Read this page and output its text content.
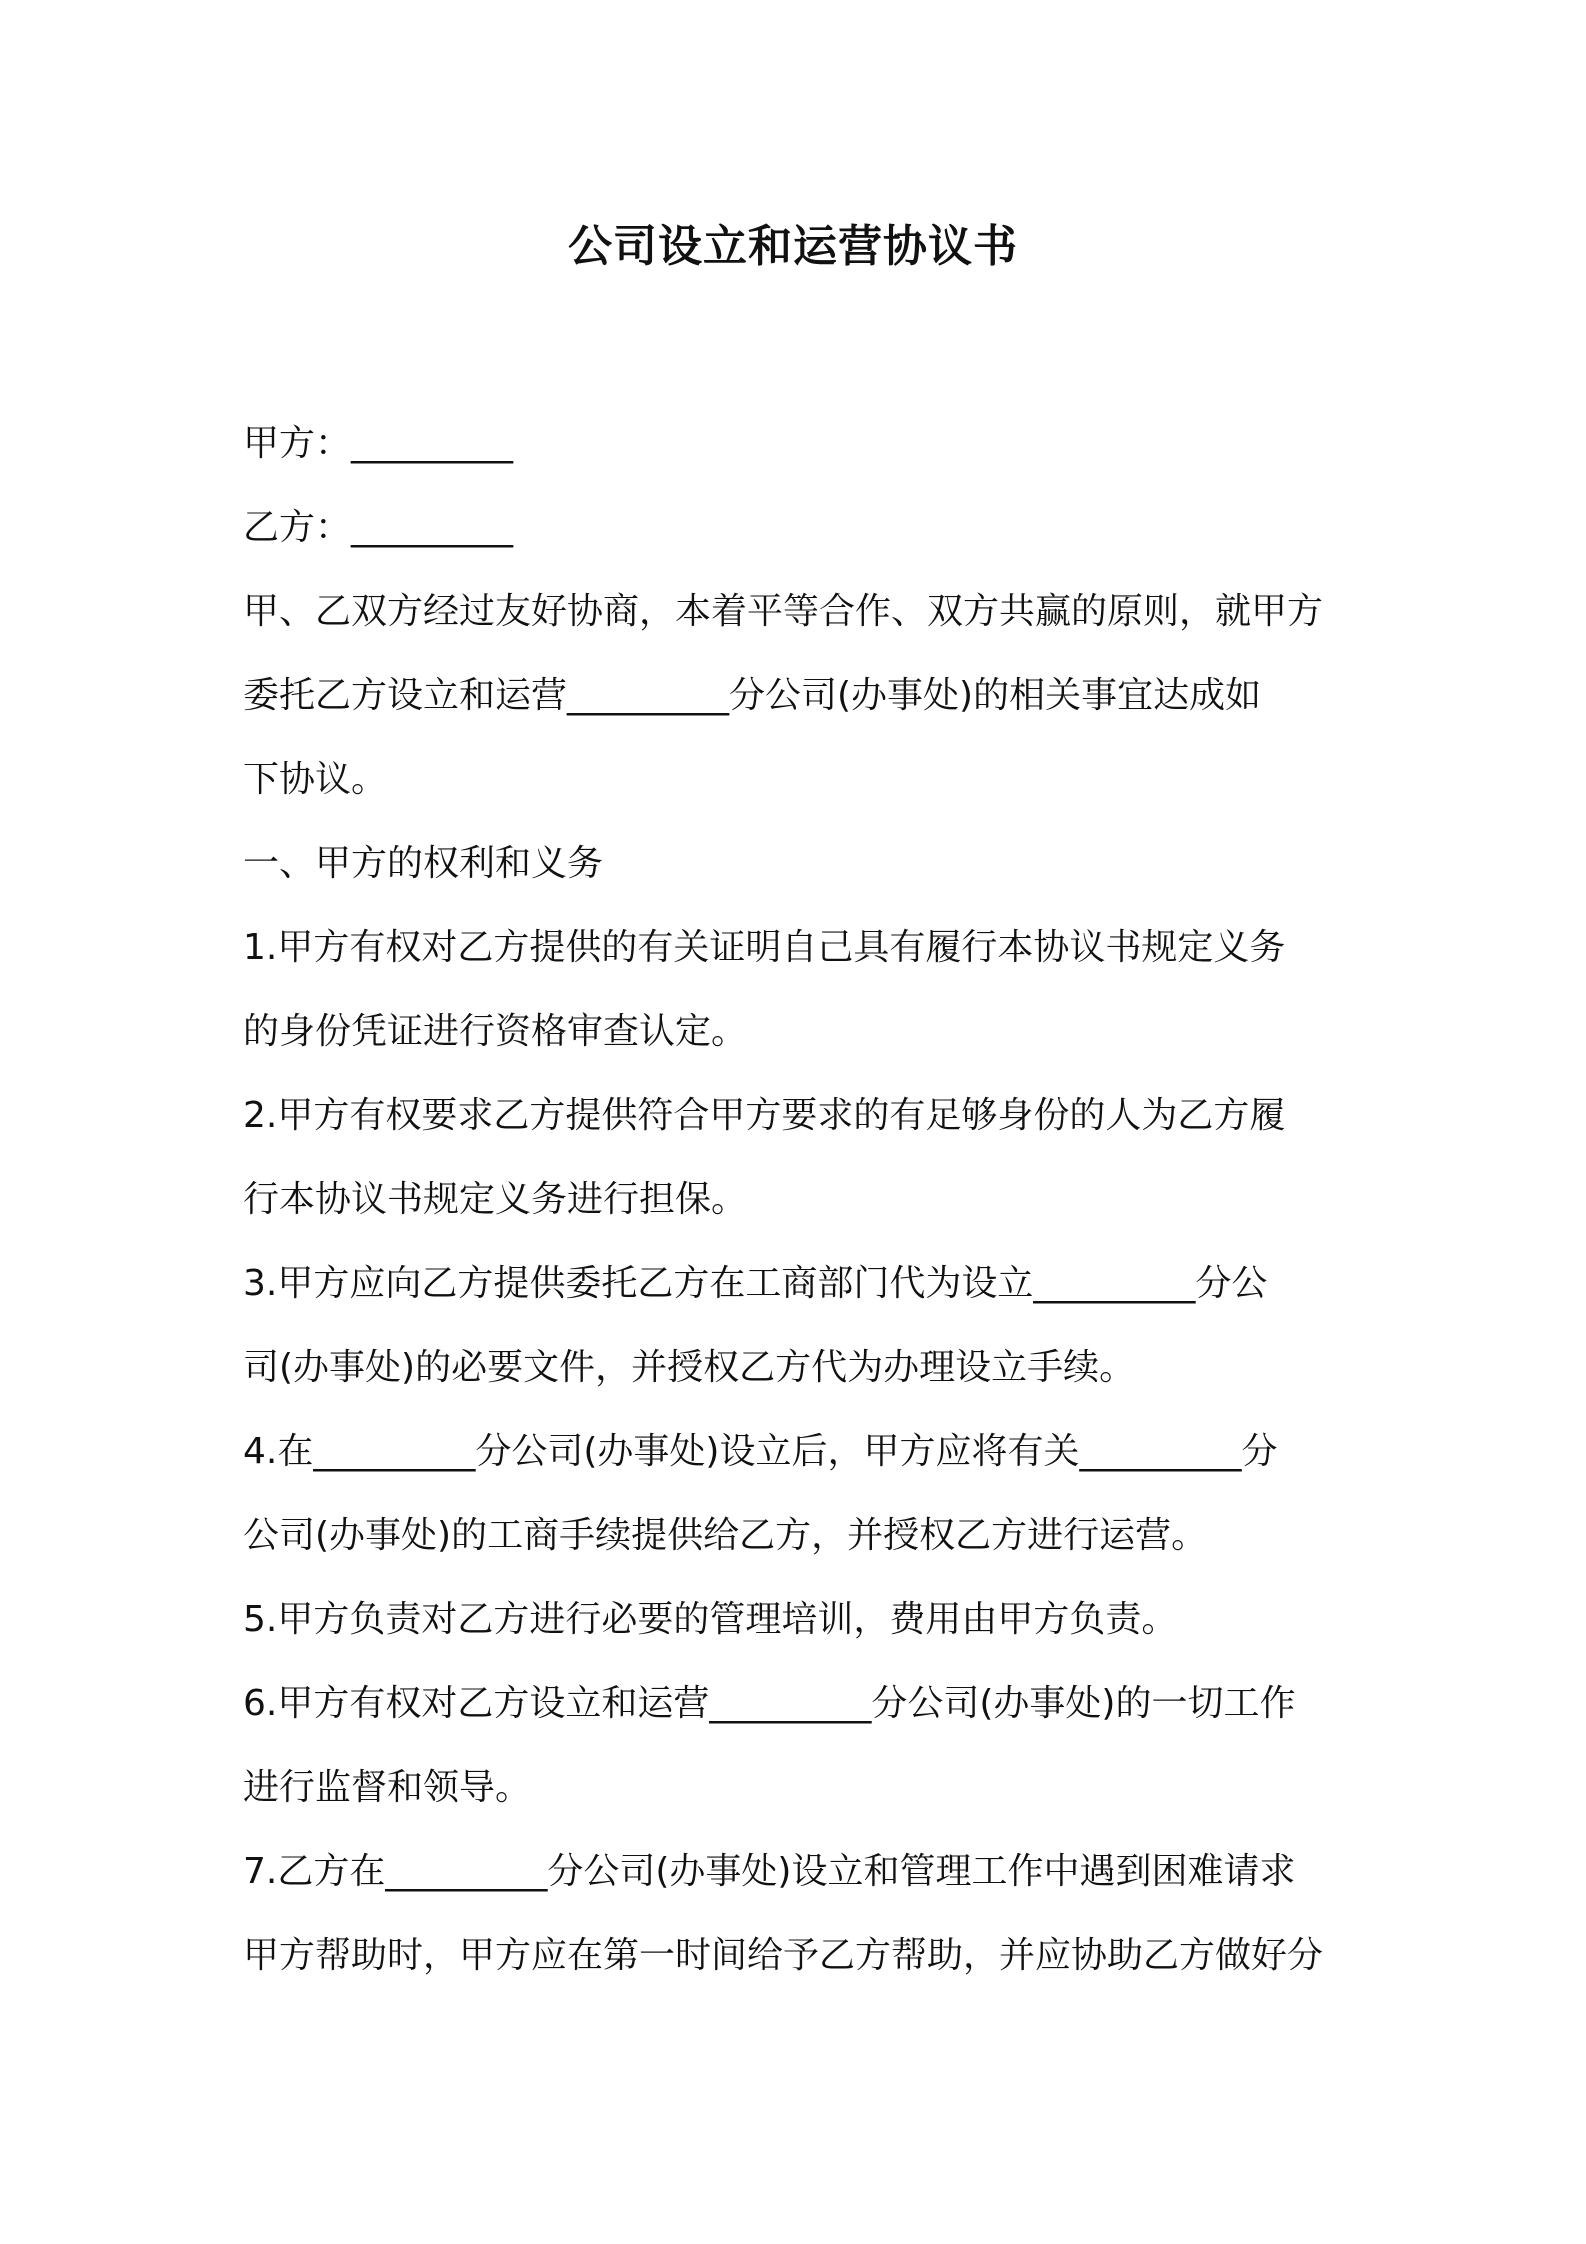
公司设立和运营协议书
甲方：_________
乙方：_________
甲、乙双方经过友好协商，本着平等合作、双方共赢的原则，就甲方
委托乙方设立和运营_________分公司(办事处)的相关事宜达成如
下协议。
一、甲方的权利和义务
1.甲方有权对乙方提供的有关证明自己具有履行本协议书规定义务
的身份凭证进行资格审查认定。
2.甲方有权要求乙方提供符合甲方要求的有足够身份的人为乙方履
行本协议书规定义务进行担保。
3.甲方应向乙方提供委托乙方在工商部门代为设立_________分公
司(办事处)的必要文件，并授权乙方代为办理设立手续。
4.在_________分公司(办事处)设立后，甲方应将有关_________分
公司(办事处)的工商手续提供给乙方，并授权乙方进行运营。
5.甲方负责对乙方进行必要的管理培训，费用由甲方负责。
6.甲方有权对乙方设立和运营_________分公司(办事处)的一切工作
进行监督和领导。
7.乙方在_________分公司(办事处)设立和管理工作中遇到困难请求
甲方帮助时，甲方应在第一时间给予乙方帮助，并应协助乙方做好分
